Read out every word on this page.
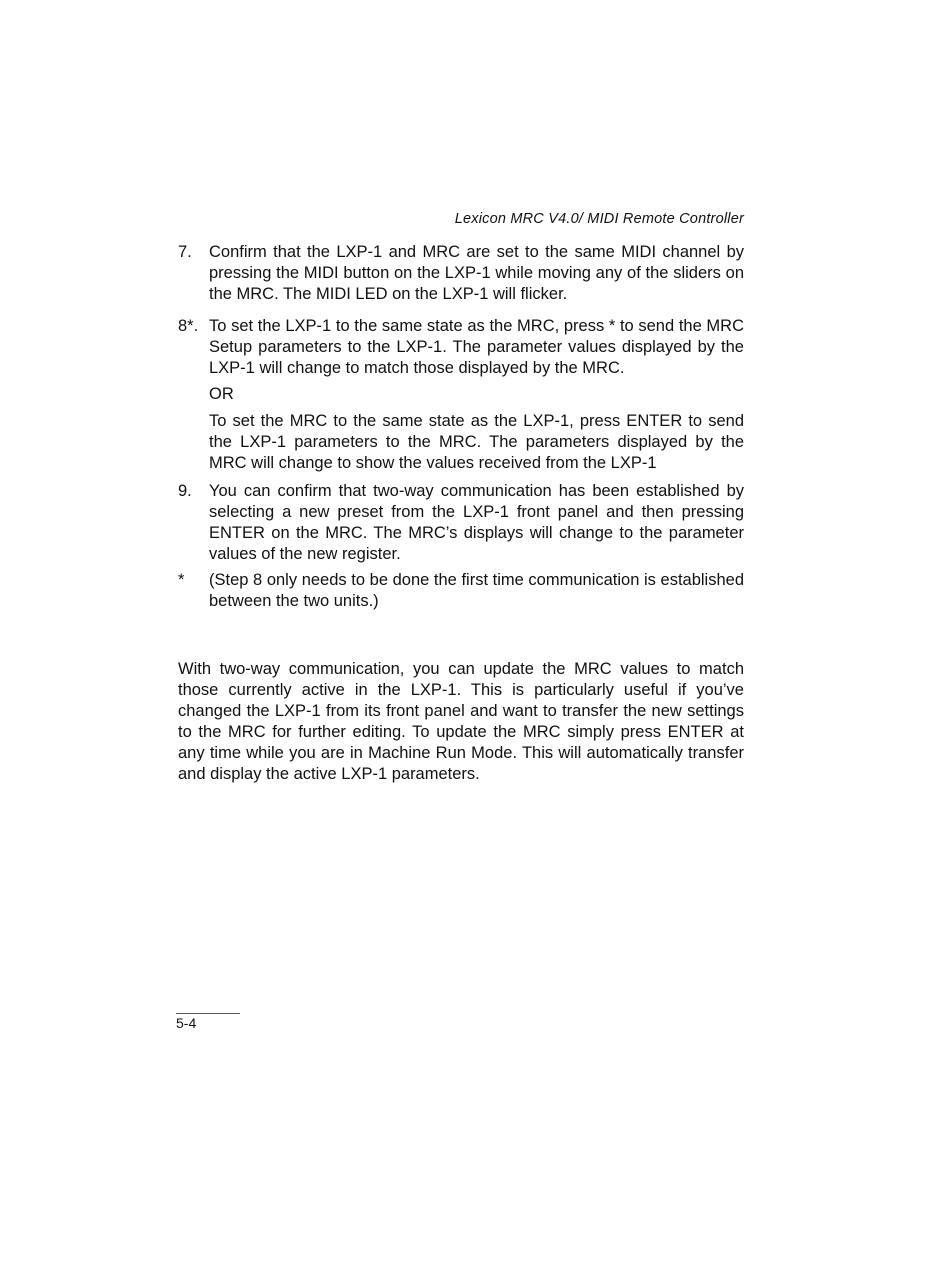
Lexicon MRC V4.0/ MIDI Remote Controller
7. Confirm that the LXP-1 and MRC are set to the same MIDI channel by pressing the MIDI button on the LXP-1 while moving any of the sliders on the MRC. The MIDI LED on the LXP-1 will flicker.

8*. To set the LXP-1 to the same state as the MRC, press * to send the MRC Setup parameters to the LXP-1. The parameter values displayed by the LXP-1 will change to match those displayed by the MRC.

OR

To set the MRC to the same state as the LXP-1, press ENTER to send the LXP-1 parameters to the MRC. The parameters displayed by the MRC will change to show the values received from the LXP-1

9. You can confirm that two-way communication has been established by selecting a new preset from the LXP-1 front panel and then pressing ENTER on the MRC. The MRC’s displays will change to the parameter values of the new register.

* (Step 8 only needs to be done the first time communication is established between the two units.)

With two-way communication, you can update the MRC values to match those currently active in the LXP-1. This is particularly useful if you’ve changed the LXP-1 from its front panel and want to transfer the new settings to the MRC for further editing. To update the MRC simply press ENTER at any time while you are in Machine Run Mode. This will automatically transfer and display the active LXP-1 parameters.

5-4
